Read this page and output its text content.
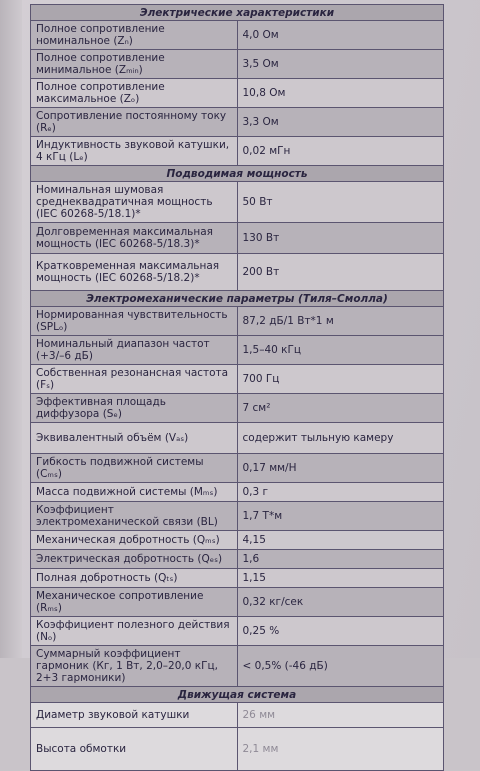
Электрические характеристики	
Полное сопротивление номинальное (Zₙ)	4,0 Ом
Полное сопротивление минимальное (Zₘᵢₙ)	3,5 Ом
Полное сопротивление максимальное (Zₒ)	10,8 Ом
Сопротивление постоянному току (Rₑ)	3,3 Ом
Индуктивность звуковой катушки, 4 кГц (Lₑ)	0,02 мГн
Подводимая мощность	
Номинальная шумовая среднеквадратичная мощность (IEC 60268-5/18.1)*	50 Вт
Долговременная максимальная мощность (IEC 60268-5/18.3)*	130 Вт
Кратковременная максимальная мощность (IEC 60268-5/18.2)*	200 Вт
Электромеханические параметры (Тиля–Смолла)	
Нормированная чувствительность (SPLₒ)	87,2 дБ/1 Вт*1 м
Номинальный диапазон частот (+3/–6 дБ)	1,5–40 кГц
Собственная резонансная частота (Fₛ)	700 Гц
Эффективная площадь диффузора (Sₑ)	7 см²
Эквивалентный объём (Vₐₛ)	содержит тыльную камеру
Гибкость подвижной системы (Cₘₛ)	0,17 мм/Н
Масса подвижной системы (Mₘₛ)	0,3 г
Коэффициент электромеханической связи (BL)	1,7 Т*м
Механическая добротность (Qₘₛ)	4,15
Электрическая добротность (Qₑₛ)	1,6
Полная добротность (Qₜₛ)	1,15
Механическое сопротивление (Rₘₛ)	0,32 кг/сек
Коэффициент полезного действия (Nₒ)	0,25 %
Суммарный коэффициент гармоник (Кг, 1 Вт, 2,0–20,0 кГц, 2+3 гармоники)	< 0,5% (-46 дБ)
Движущая система	
Диаметр звуковой катушки	26 мм
Высота обмотки	2,1 мм
